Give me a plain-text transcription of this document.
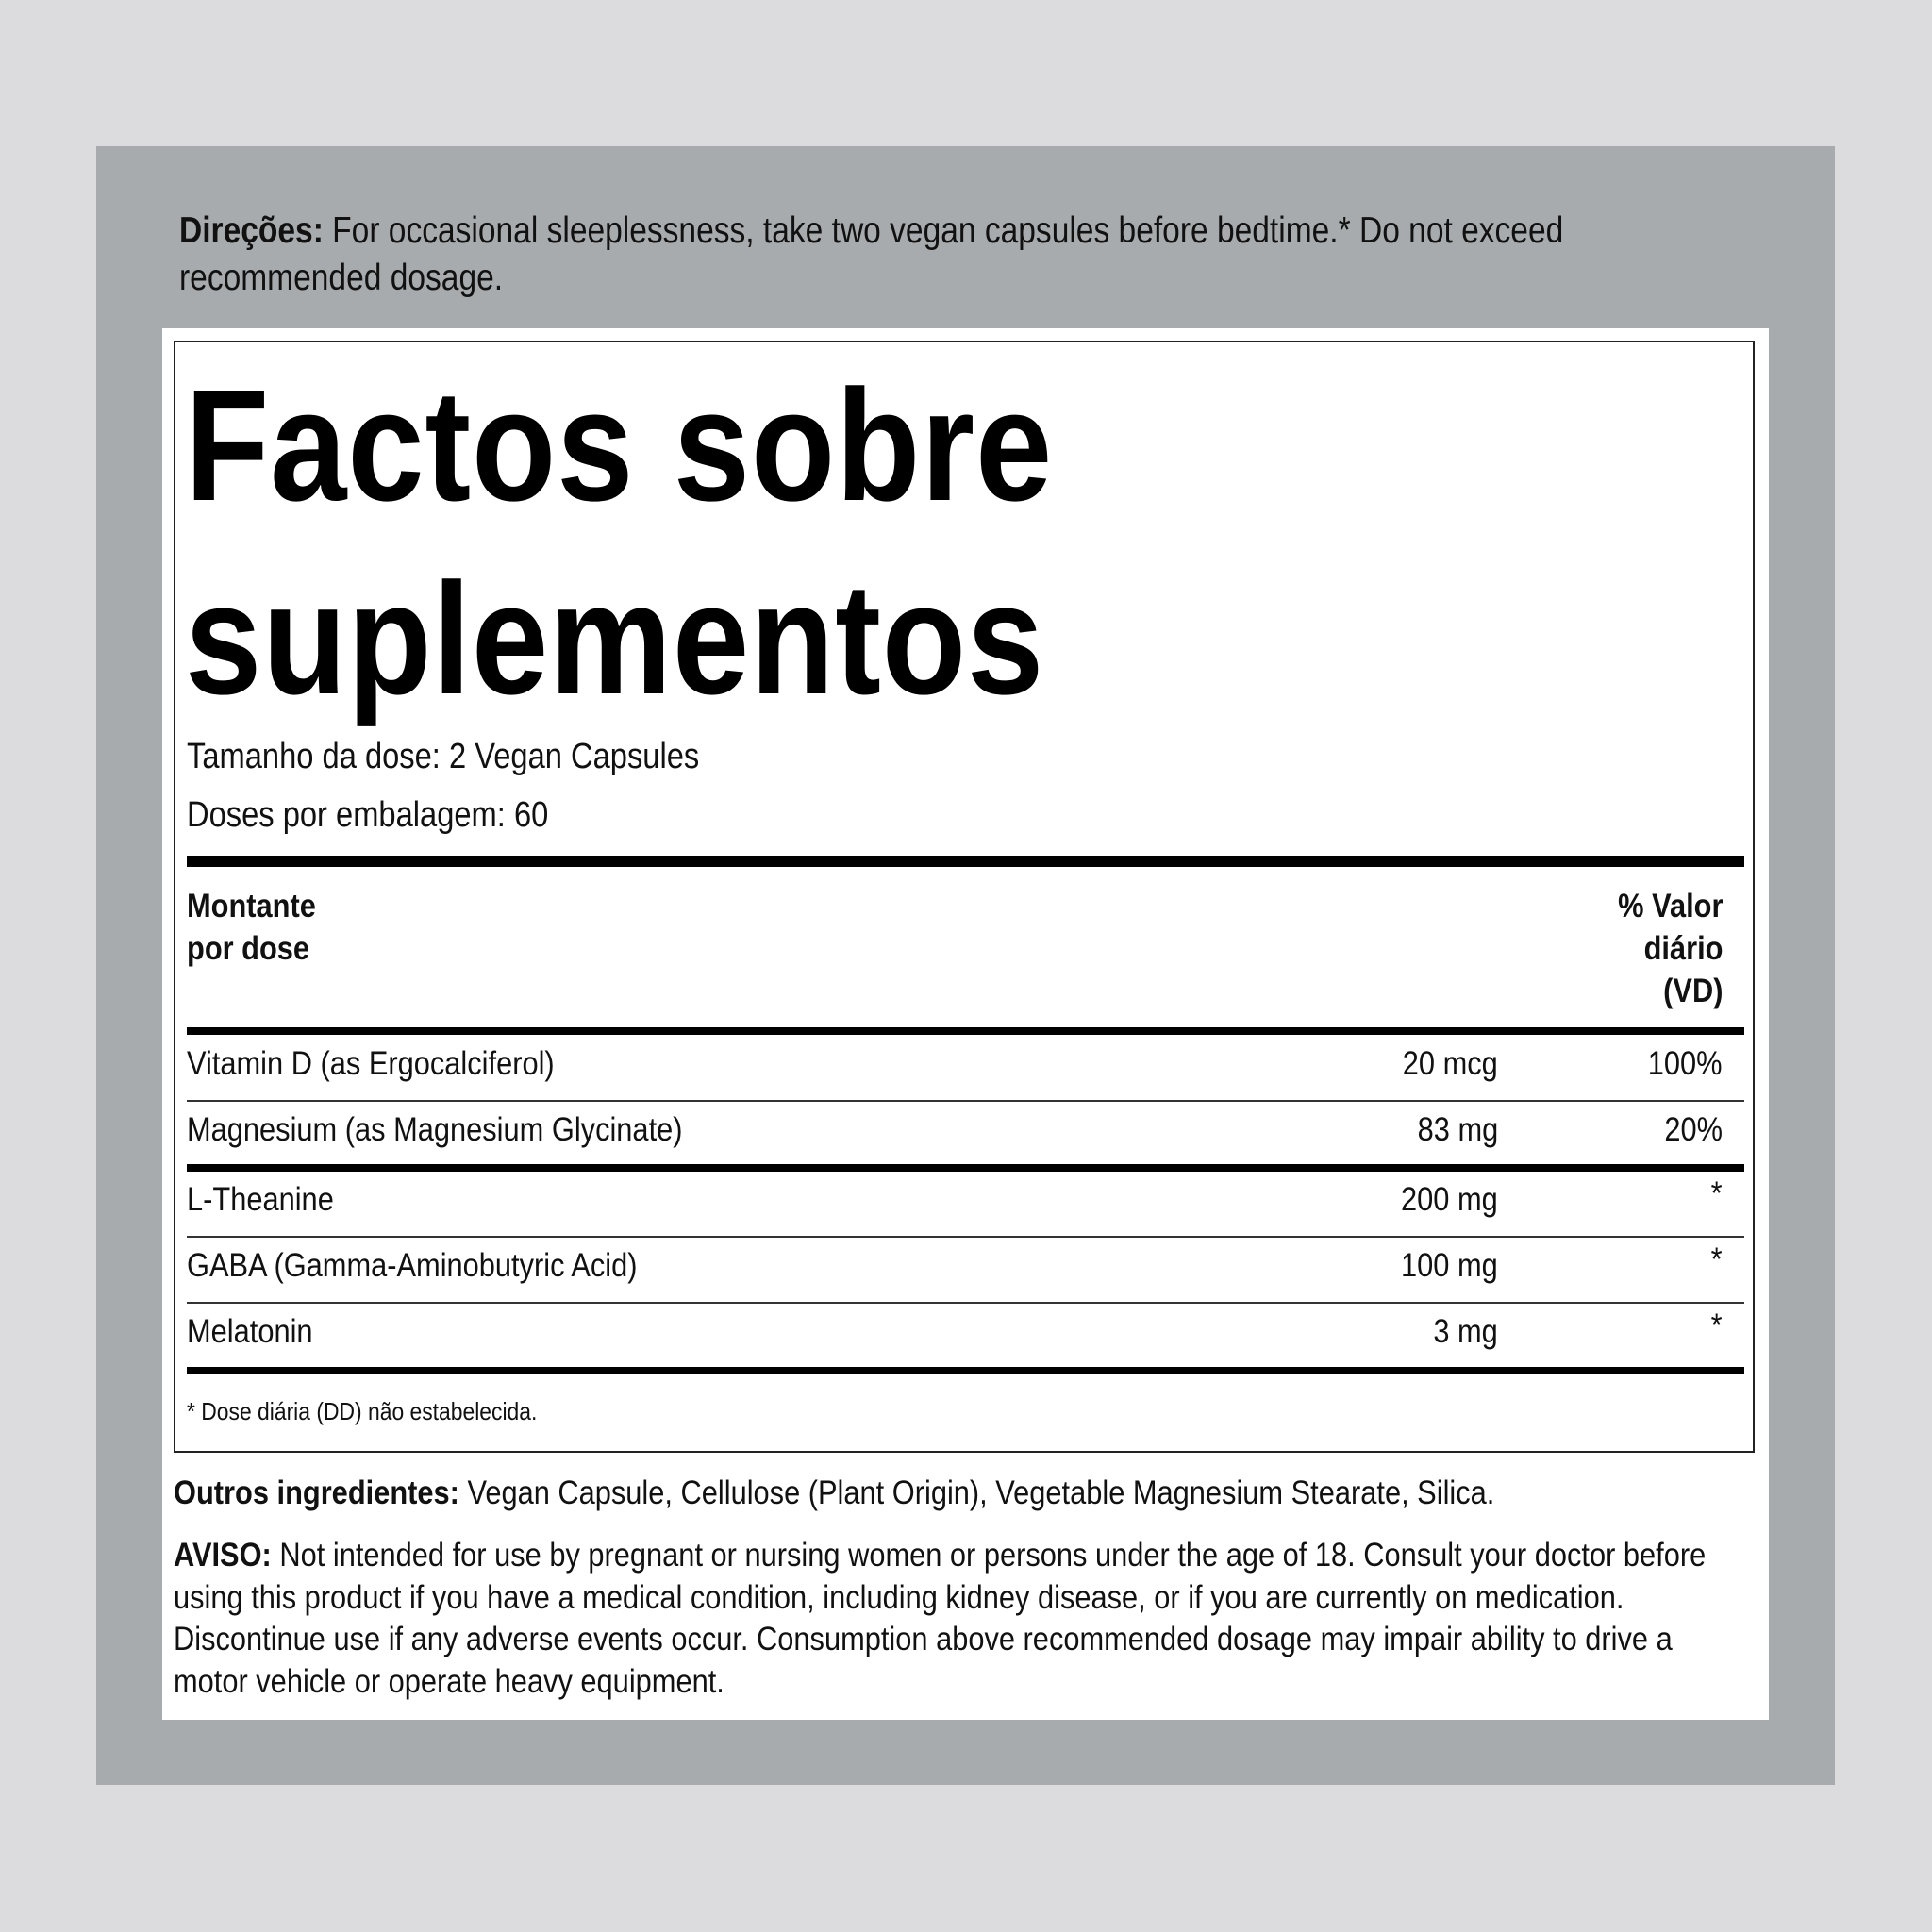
Direções: For occasional sleeplessness, take two vegan capsules before bedtime.* Do not exceed recommended dosage.
Factos sobre
suplementos
Tamanho da dose: 2 Vegan Capsules
Doses por embalagem: 60
Montante
por dose
% Valor
diário
(VD)
Vitamin D (as Ergocalciferol)	20 mcg	100%
Magnesium (as Magnesium Glycinate)	83 mg	20%
L-Theanine	200 mg	*
GABA (Gamma-Aminobutyric Acid)	100 mg	*
Melatonin	3 mg	*
* Dose diária (DD) não estabelecida.
Outros ingredientes: Vegan Capsule, Cellulose (Plant Origin), Vegetable Magnesium Stearate, Silica.
AVISO: Not intended for use by pregnant or nursing women or persons under the age of 18. Consult your doctor before
using this product if you have a medical condition, including kidney disease, or if you are currently on medication.
Discontinue use if any adverse events occur. Consumption above recommended dosage may impair ability to drive a
motor vehicle or operate heavy equipment.
